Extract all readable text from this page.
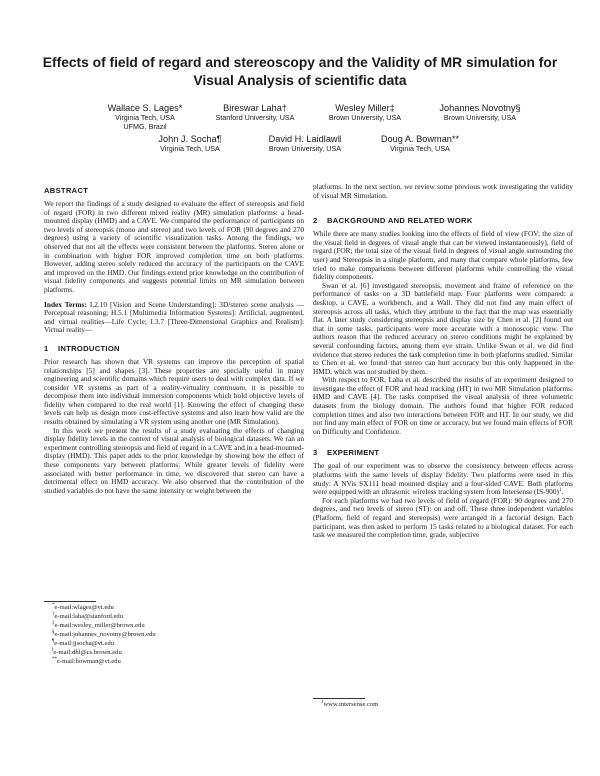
Effects of field of regard and stereoscopy and the Validity of MR simulation for Visual Analysis of scientific data
Wallace S. Lages*
Virginia Tech, USA
UFMG, Brazil
Bireswar Laha†
Stanford University, USA
Wesley Miller‡
Brown University, USA
Johannes Novotny§
Brown University, USA
John J. Socha¶
Virginia Tech, USA
David H. Laidlaw‖
Brown University, USA
Doug A. Bowman**
Virginia Tech, USA
ABSTRACT

We report the findings of a study designed to evaluate the effect of stereopsis and field of regard (FOR) in two different mixed reality (MR) simulation platforms: a head-mounted display (HMD) and a CAVE. We compared the performance of participants on two levels of stereopsis (mono and stereo) and two levels of FOR (90 degrees and 270 degrees) using a variety of scientific visualization tasks. Among the findings, we observed that not all the effects were consistent between the platforms. Stereo alone or in combination with higher FOR improved completion time on both platforms. However, adding stereo solely reduced the accuracy of the participants on the CAVE and improved on the HMD. Our findings extend prior knowledge on the contribution of visual fidelity components and suggests potential limits on MR simulation between platforms.

Index Terms: I.2.10 [Vision and Scene Understanding]: 3D/stereo scene analysis —Perceptual reasoning; H.5.1 [Multimedia Information Systems]: Artificial, augmented, and virtual realities—Life Cycle; I.3.7 [Three-Dimensional Graphics and Realism]: Virtual reality—

1 INTRODUCTION

Prior research has shown that VR systems can improve the perception of spatial relationships [5] and shapes [3]. These properties are specially useful in many engineering and scientific domains which require users to deal with complex data. If we consider VR systems as part of a reality-virtuality continuum, it is possible to decompose them into individual immersion components which hold objective levels of fidelity when compared to the real world [1]. Knowing the effect of changing these levels can help us design more cost-effective systems and also learn how valid are the results obtained by simulating a VR system using another one (MR Simulation).

In this work we present the results of a study evaluating the effects of changing display fidelity levels in the context of visual analysis of biological datasets. We ran an experiment controlling stereopsis and field of regard in a CAVE and in a head-mounted-display (HMD). This paper adds to the prior knowledge by showing how the effect of these components vary between platforms: While greater levels of fidelity were associated with better performance in time, we discovered that stereo can have a detrimental effect on HMD accuracy. We also observed that the contribution of the studied variables do not have the same intensity or weight between the

*e-mail:wlages@vt.edu
†e-mail:laha@stanford.edu
‡e-mail:wesley_miller@brown.edu
§e-mail:johannes_novotny@brown.edu
¶e-mail:jjsocha@vt.edu
‖e-mail:dhl@cs.brown.edu
**e-mail:bowman@vt.edu

platforms. In the next section, we review some previous work investigating the validity of visual MR Simulation.

2 BACKGROUND AND RELATED WORK

While there are many studies looking into the effects of field of view (FOV; the size of the visual field in degrees of visual angle that can be viewed instantaneously), field of regard (FOR; the total size of the visual field in degrees of visual angle surrounding the user) and Stereopsis in a single platform, and many that compare whole platforms, few tried to make comparisons between different platforms while controlling the visual fidelity components.

Swan et al. [6] investigated stereopsis, movement and frame of reference on the performance of tasks on a 3D battlefield map. Four platforms were compared: a desktop, a CAVE, a workbench, and a Wall. They did not find any main effect of stereopsis across all tasks, which they attribute to the fact that the map was essentially flat. A later study considering stereopsis and display size by Chen et al. [2] found out that in some tasks, participants were more accurate with a monoscopic view. The authors reason that the reduced accuracy on stereo conditions might be explained by several confounding factors, among them eye strain. Unlike Swan et al. we did find evidence that stereo reduces the task completion time in both platforms studied. Similar to Chen et al. we found that stereo can hurt accuracy but this only happened in the HMD, which was not studied by them.

With respect to FOR, Laha et al. described the results of an experiment designed to investigate the effect of FOR and head tracking (HT) in two MR Simulation platforms: HMD and CAVE [4]. The tasks comprised the visual analysis of three volumetric datasets from the biology domain. The authors found that higher FOR reduced completion times and also two interactions between FOR and HT. In our study, we did not find any main effect of FOR on time or accuracy, but we found main effects of FOR on Difficulty and Confidence.

3 EXPERIMENT

The goal of our experiment was to observe the consistency between effects across platforms with the same levels of display fidelity. Two platforms were used in this study: A NVis SX111 head mounted display and a four-sided CAVE. Both platforms were equipped with an ultrasonic wireless tracking system from Intersense $(IS-900)^1$.

For each platforms we had two levels of field of regard (FOR): 90 degrees and 270 degrees, and two levels of stereo (ST): on and off. These three independent variables (Platform, field of regard and stereopsis) were arranged in a factorial design. Each participant, was then asked to perform 15 tasks related to a biological dataset. For each task we measured the completion time, grade, subjective

$^1$www.intersense.com
